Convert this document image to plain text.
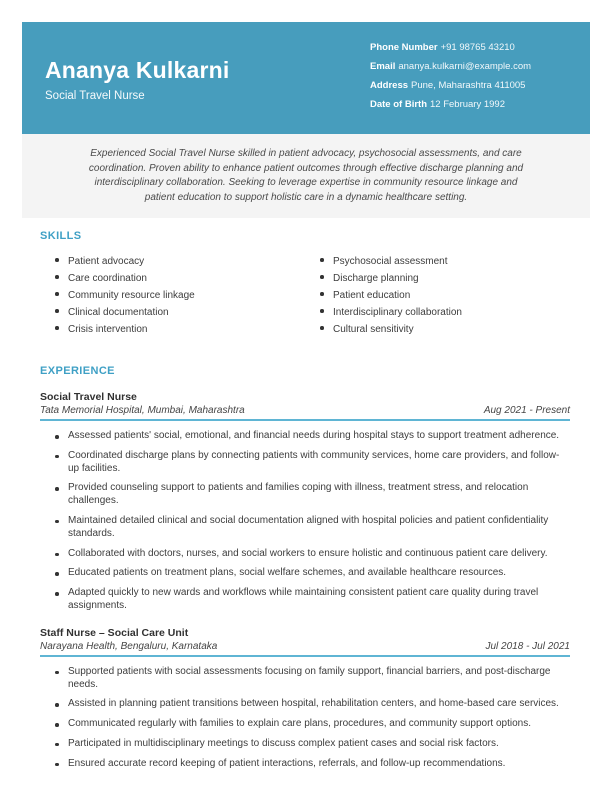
Ananya Kulkarni
Social Travel Nurse
Phone Number +91 98765 43210
Email ananya.kulkarni@example.com
Address Pune, Maharashtra 411005
Date of Birth 12 February 1992
Experienced Social Travel Nurse skilled in patient advocacy, psychosocial assessments, and care coordination. Proven ability to enhance patient outcomes through effective discharge planning and interdisciplinary collaboration. Seeking to leverage expertise in community resource linkage and patient education to support holistic care in a dynamic healthcare setting.
SKILLS
Patient advocacy
Care coordination
Community resource linkage
Clinical documentation
Crisis intervention
Psychosocial assessment
Discharge planning
Patient education
Interdisciplinary collaboration
Cultural sensitivity
EXPERIENCE
Social Travel Nurse
Tata Memorial Hospital, Mumbai, Maharashtra	Aug 2021 - Present
Assessed patients' social, emotional, and financial needs during hospital stays to support treatment adherence.
Coordinated discharge plans by connecting patients with community services, home care providers, and follow-up facilities.
Provided counseling support to patients and families coping with illness, treatment stress, and relocation challenges.
Maintained detailed clinical and social documentation aligned with hospital policies and patient confidentiality standards.
Collaborated with doctors, nurses, and social workers to ensure holistic and continuous patient care delivery.
Educated patients on treatment plans, social welfare schemes, and available healthcare resources.
Adapted quickly to new wards and workflows while maintaining consistent patient care quality during travel assignments.
Staff Nurse – Social Care Unit
Narayana Health, Bengaluru, Karnataka	Jul 2018 - Jul 2021
Supported patients with social assessments focusing on family support, financial barriers, and post-discharge needs.
Assisted in planning patient transitions between hospital, rehabilitation centers, and home-based care services.
Communicated regularly with families to explain care plans, procedures, and community support options.
Participated in multidisciplinary meetings to discuss complex patient cases and social risk factors.
Ensured accurate record keeping of patient interactions, referrals, and follow-up recommendations.
